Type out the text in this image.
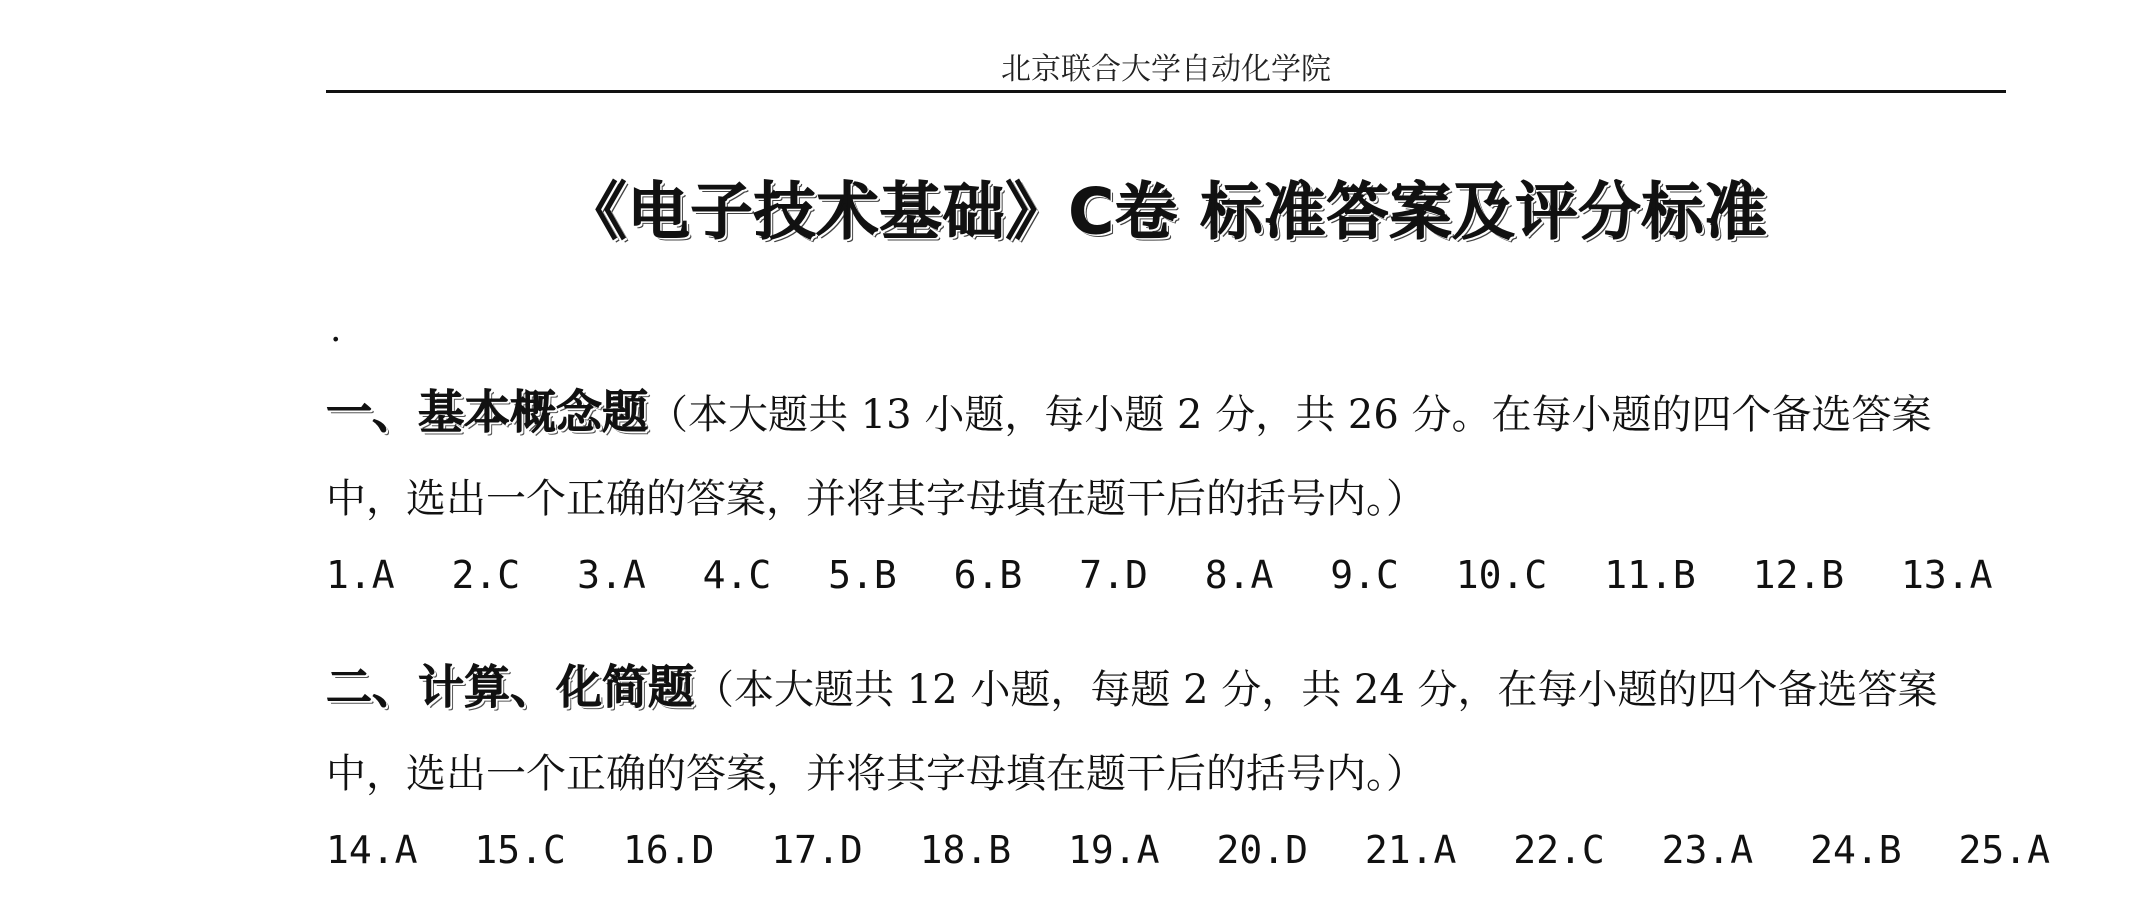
北京联合大学自动化学院
《电子技术基础》C卷 标准答案及评分标准
.
一、基本概念题（本大题共 13 小题，每小题 2 分，共 26 分。在每小题的四个备选答案中，选出一个正确的答案，并将其字母填在题干后的括号内。）
1.A 2.C 3.A 4.C 5.B 6.B 7.D 8.A 9.C 10.C 11.B 12.B 13.A
二、计算、化简题（本大题共 12 小题，每题 2 分，共 24 分，在每小题的四个备选答案中，选出一个正确的答案，并将其字母填在题干后的括号内。）
14.A 15.C 16.D 17.D 18.B 19.A 20.D 21.A 22.C 23.A 24.B 25.A
